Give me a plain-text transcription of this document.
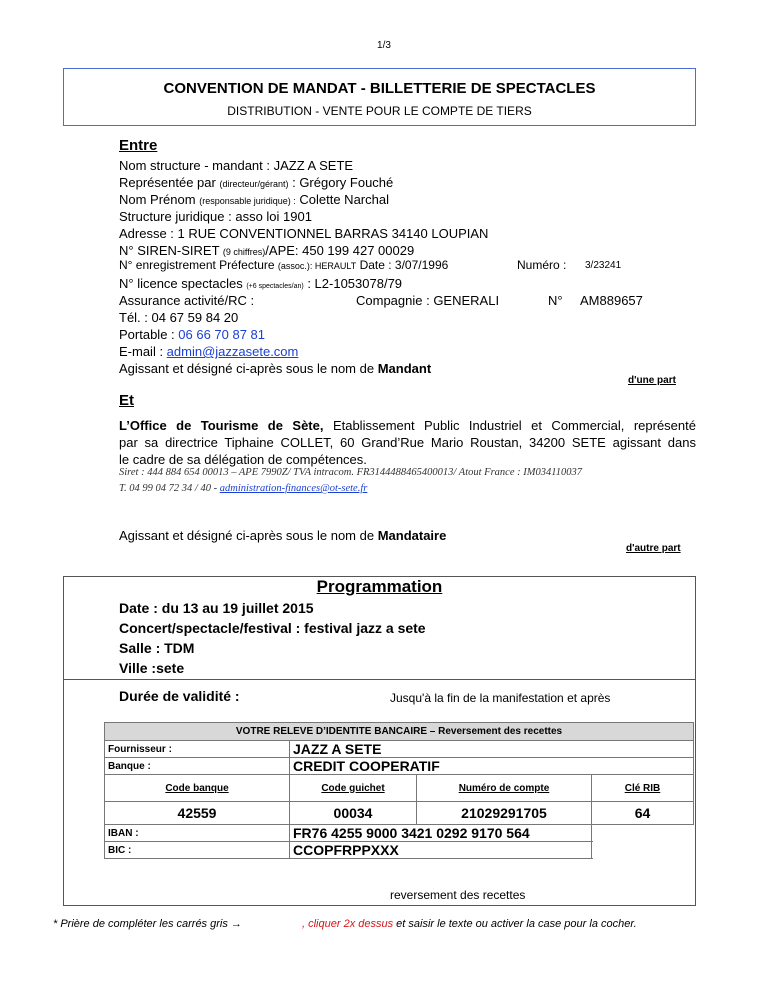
1/3
CONVENTION DE MANDAT - BILLETTERIE DE SPECTACLES
DISTRIBUTION - VENTE POUR LE COMPTE DE TIERS
Entre
Nom structure - mandant : JAZZ A SETE
Représentée par (directeur/gérant) : Grégory Fouché
Nom Prénom (responsable juridique) : Colette Narchal
Structure juridique : asso loi 1901
Adresse : 1 RUE CONVENTIONNEL BARRAS 34140 LOUPIAN
N° SIREN-SIRET (9 chiffres)/APE: 450 199 427 00029
N° enregistrement Préfecture (assoc.): HERAULT Date : 3/07/1996	Numéro : 3/23241
N° licence spectacles (+6 spectacles/an) : L2-1053078/79
Assurance activité/RC :	Compagnie : GENERALI	N° AM889657
Tél. : 04 67 59 84 20
Portable : 06 66 70 87 81
E-mail : admin@jazzasete.com
Agissant et désigné ci-après sous le nom de Mandant
d'une part
Et
L’Office de Tourisme de Sète, Etablissement Public Industriel et Commercial, représenté
par sa directrice Tiphaine COLLET, 60 Grand’Rue Mario Roustan, 34200 SETE agissant dans
le cadre de sa délégation de compétences.
Siret : 444 884 654 00013 – APE 7990Z/ TVA intracom. FR3144488465400013/ Atout France : IM034110037
T. 04 99 04 72 34 / 40 - administration-finances@ot-sete.fr
Agissant et désigné ci-après sous le nom de Mandataire
d'autre part
Programmation
Date : du 13 au 19 juillet 2015
Concert/spectacle/festival : festival jazz a sete
Salle : TDM
Ville :sete
Durée de validité :	Jusqu'à la fin de la manifestation et après
VOTRE RELEVE D’IDENTITE BANCAIRE – Reversement des recettes			
Fournisseur :	JAZZ A SETE		
Banque :	CREDIT COOPERATIF		
Code banque	Code guichet	Numéro de compte	Clé RIB
42559	00034	21029291705	64
IBAN :	FR76 4255 9000 3421 0292 9170 564		
BIC :	CCOPFRPPXXX		
reversement des recettes
* Prière de compléter les carrés gris →	, cliquer 2x dessus et saisir le texte ou activer la case pour la cocher.
